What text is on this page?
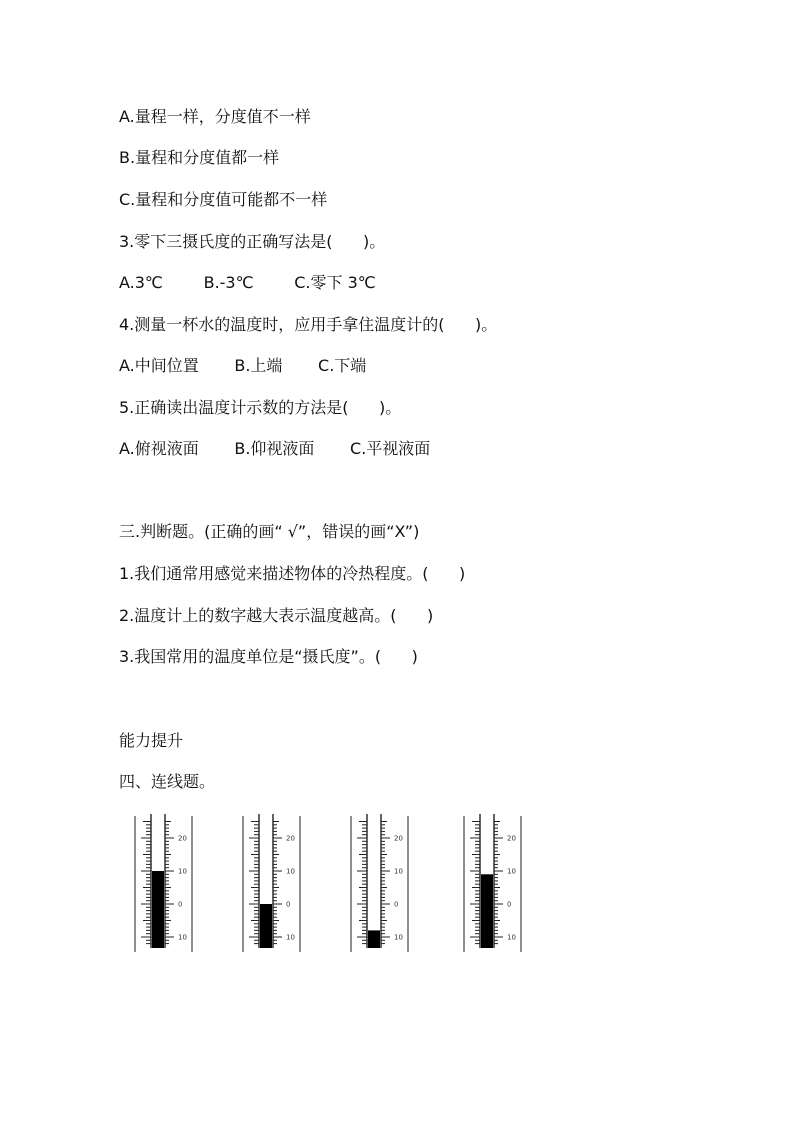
A.量程一样，分度值不一样
B.量程和分度值都一样
C.量程和分度值可能都不一样
3.零下三摄氏度的正确写法是(      )。
A.3℃        B.-3℃        C.零下 3℃
4.测量一杯水的温度时，应用手拿住温度计的(      )。
A.中间位置       B.上端       C.下端
5.正确读出温度计示数的方法是(      )。
A.俯视液面       B.仰视液面       C.平视液面
三.判断题。(正确的画“ √”，错误的画“X”)
1.我们通常用感觉来描述物体的冷热程度。(      )
2.温度计上的数字越大表示温度越高。(      )
3.我国常用的温度单位是“摄氏度”。(      )
能力提升
四、连线题。
20
10
0
10
20
10
0
10
20
10
0
10
20
10
0
10
